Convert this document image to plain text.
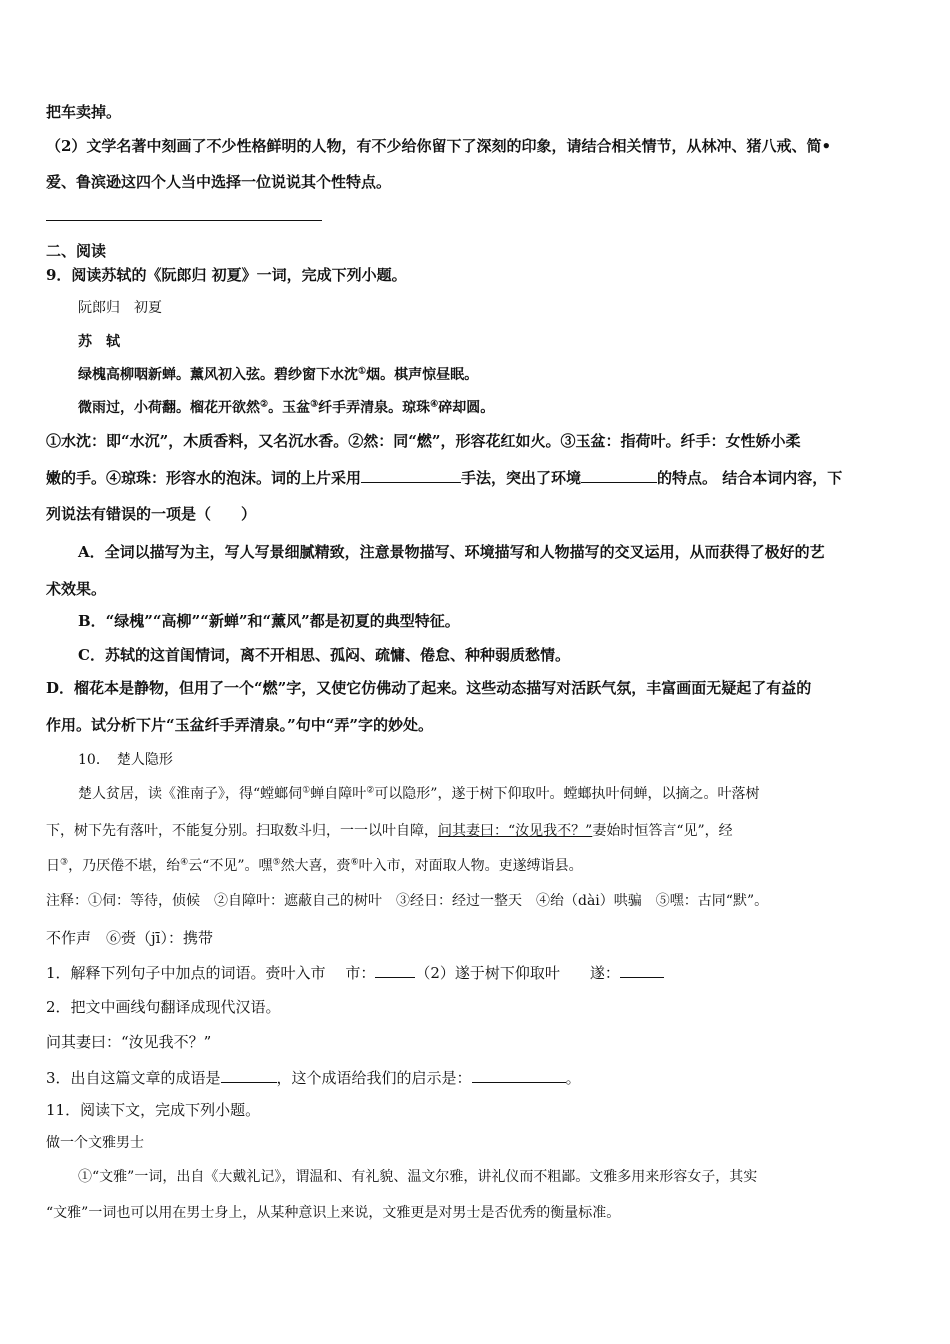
把车卖掉。
（2）文学名著中刻画了不少性格鲜明的人物，有不少给你留下了深刻的印象，请结合相关情节，从林冲、猪八戒、简•
爱、鲁滨逊这四个人当中选择一位说说其个性特点。
二、阅读
9．阅读苏轼的《阮郎归 初夏》一词，完成下列小题。
阮郎归　初夏
苏　轼
绿槐高柳咽新蝉。薰风初入弦。碧纱窗下水沈①烟。棋声惊昼眠。
微雨过，小荷翻。榴花开欲然②。玉盆③纤手弄清泉。琼珠④碎却圆。
①水沈：即“水沉”，木质香料，又名沉水香。②然：同“燃”，形容花红如火。③玉盆：指荷叶。纤手：女性娇小柔
嫩的手。④琼珠：形容水的泡沫。词的上片采用	手法，突出了环境	的特点。 结合本词内容，下
列说法有错误的一项是（　　）
A．全词以描写为主，写人写景细腻精致，注意景物描写、环境描写和人物描写的交叉运用，从而获得了极好的艺
术效果。
B．“绿槐”“高柳”“新蝉”和“薰风”都是初夏的典型特征。
C．苏轼的这首闺情词，离不开相思、孤闷、疏慵、倦怠、种种弱质愁情。
D．榴花本是静物，但用了一个“燃”字，又使它仿佛动了起来。这些动态描写对活跃气氛，丰富画面无疑起了有益的
作用。试分析下片“玉盆纤手弄清泉。”句中“弄”字的妙处。
10．　楚人隐形
楚人贫居，读《淮南子》，得“螳螂伺①蝉自障叶②可以隐形”，遂于树下仰取叶。螳螂执叶伺蝉，以摘之。叶落树
下，树下先有落叶，不能复分别。扫取数斗归，一一以叶自障，问其妻曰：“汝见我不？”妻始时恒答言“见”，经
日③，乃厌倦不堪，绐④云“不见”。嘿⑤然大喜，赍⑥叶入市，对面取人物。吏遂缚诣县。
注释：①伺：等待，侦候　②自障叶：遮蔽自己的树叶　③经日：经过一整天　④绐（dài）哄骗　⑤嘿：古同“默”。
不作声　⑥赍（jī）：携带
1．解释下列句子中加点的词语。赍叶入市　 市：	（2）遂于树下仰取叶　　遂：
2．把文中画线句翻译成现代汉语。
问其妻曰：“汝见我不？”
3．出自这篇文章的成语是	，这个成语给我们的启示是：	。
11．阅读下文，完成下列小题。
做一个文雅男士
①“文雅”一词，出自《大戴礼记》，谓温和、有礼貌、温文尔雅，讲礼仪而不粗鄙。文雅多用来形容女子，其实
“文雅”一词也可以用在男士身上，从某种意识上来说，文雅更是对男士是否优秀的衡量标准。
